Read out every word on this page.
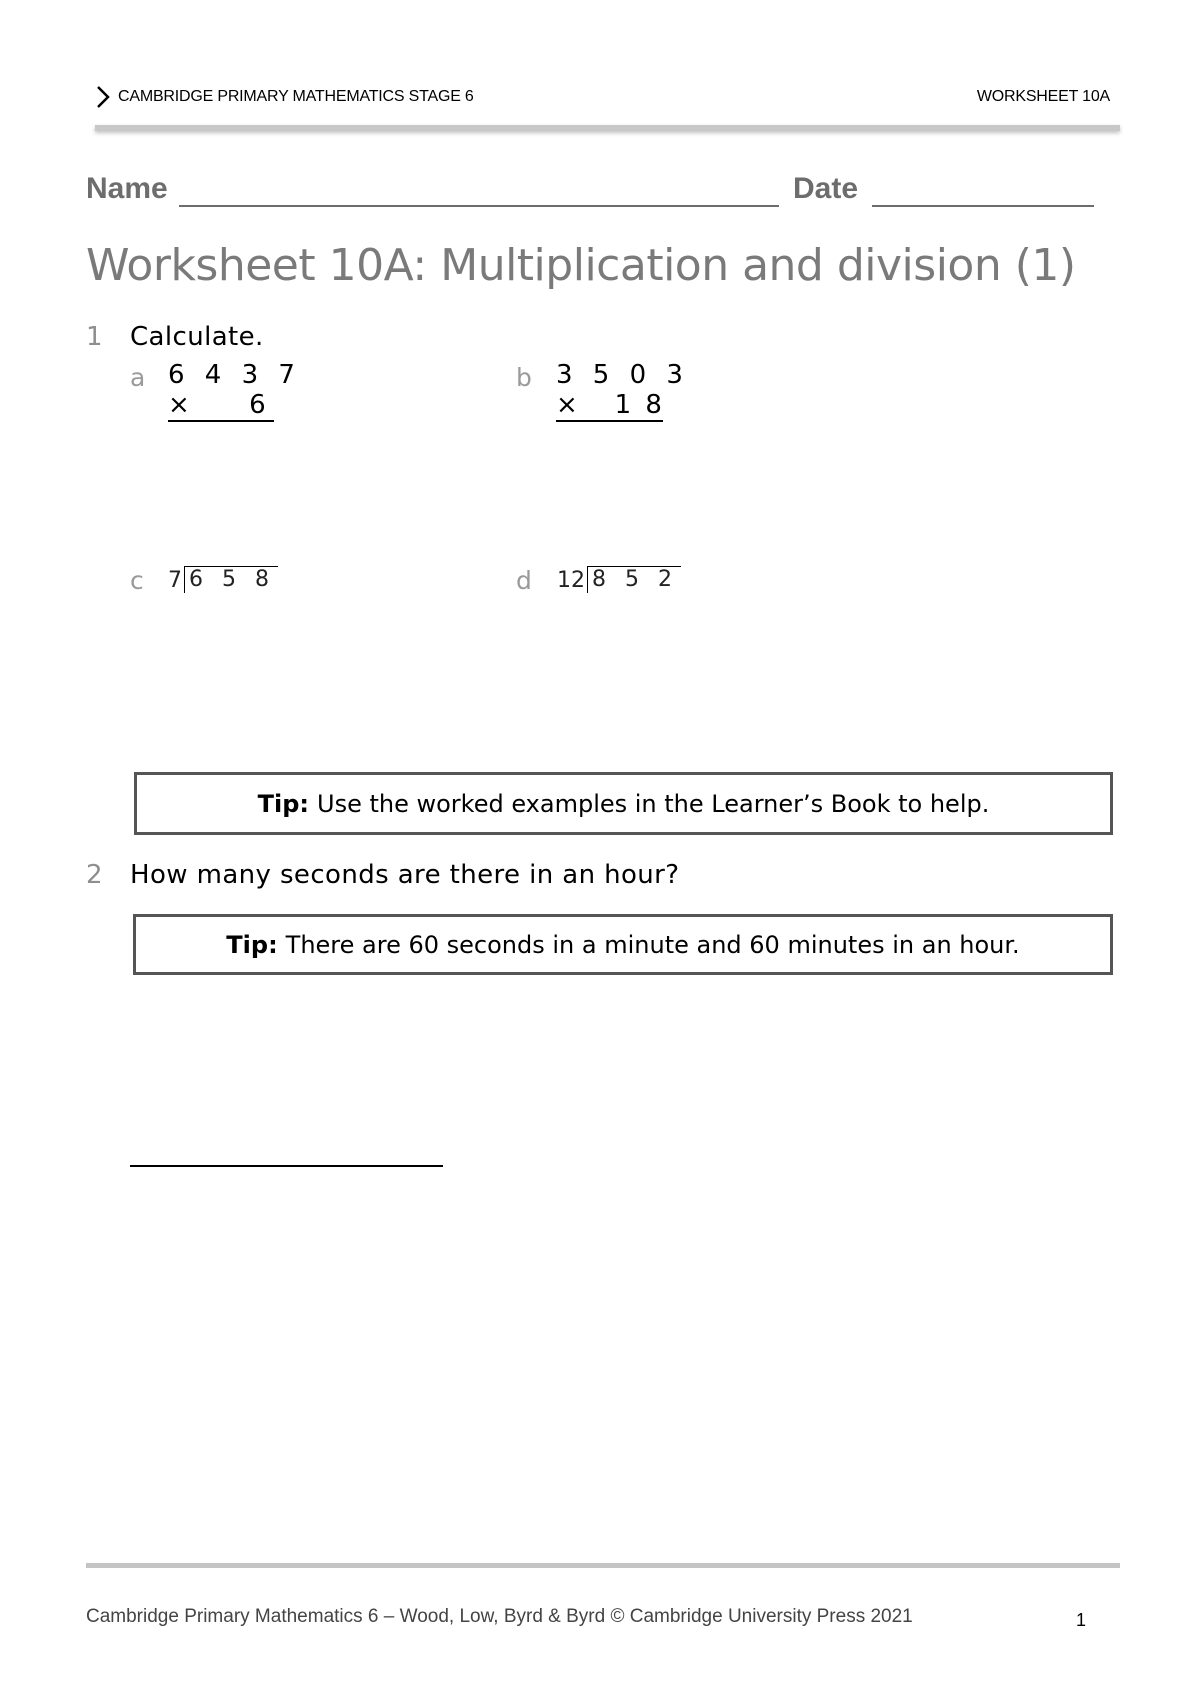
CAMBRIDGE PRIMARY MATHEMATICS STAGE 6	WORKSHEET 10A
Name	Date
Worksheet 10A: Multiplication and division (1)
1 Calculate.
a 6 4 3 7
×     6
b 3 5 0 3
×   1 8
c 7 6 5 8	d 12 8 5 2
Tip: Use the worked examples in the Learner’s Book to help.
2 How many seconds are there in an hour?
Tip: There are 60 seconds in a minute and 60 minutes in an hour.
Cambridge Primary Mathematics 6 – Wood, Low, Byrd & Byrd © Cambridge University Press 2021	1
